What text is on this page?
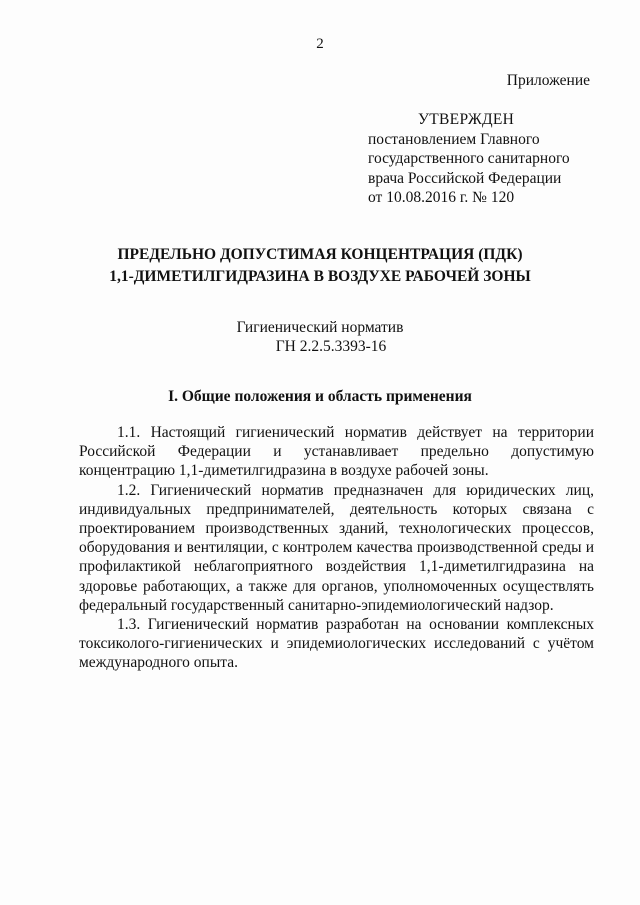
2
Приложение
УТВЕРЖДЕН
постановлением Главного
государственного санитарного
врача Российской Федерации
от 10.08.2016 г. № 120
ПРЕДЕЛЬНО ДОПУСТИМАЯ КОНЦЕНТРАЦИЯ (ПДК)
1,1-ДИМЕТИЛГИДРАЗИНА В ВОЗДУХЕ РАБОЧЕЙ ЗОНЫ
Гигиенический норматив
ГН 2.2.5.3393-16
I. Общие положения и область применения

1.1. Настоящий гигиенический норматив действует на территории Российской Федерации и устанавливает предельно допустимую концентрацию 1,1-диметилгидразина в воздухе рабочей зоны.

1.2. Гигиенический норматив предназначен для юридических лиц, индивидуальных предпринимателей, деятельность которых связана с проектированием производственных зданий, технологических процессов, оборудования и вентиляции, с контролем качества производственной среды и профилактикой неблагоприятного воздействия 1,1-диметилгидразина на здоровье работающих, а также для органов, уполномоченных осуществлять федеральный государственный санитарно-эпидемиологический надзор.

1.3. Гигиенический норматив разработан на основании комплексных токсиколого-гигиенических и эпидемиологических исследований с учётом международного опыта.
